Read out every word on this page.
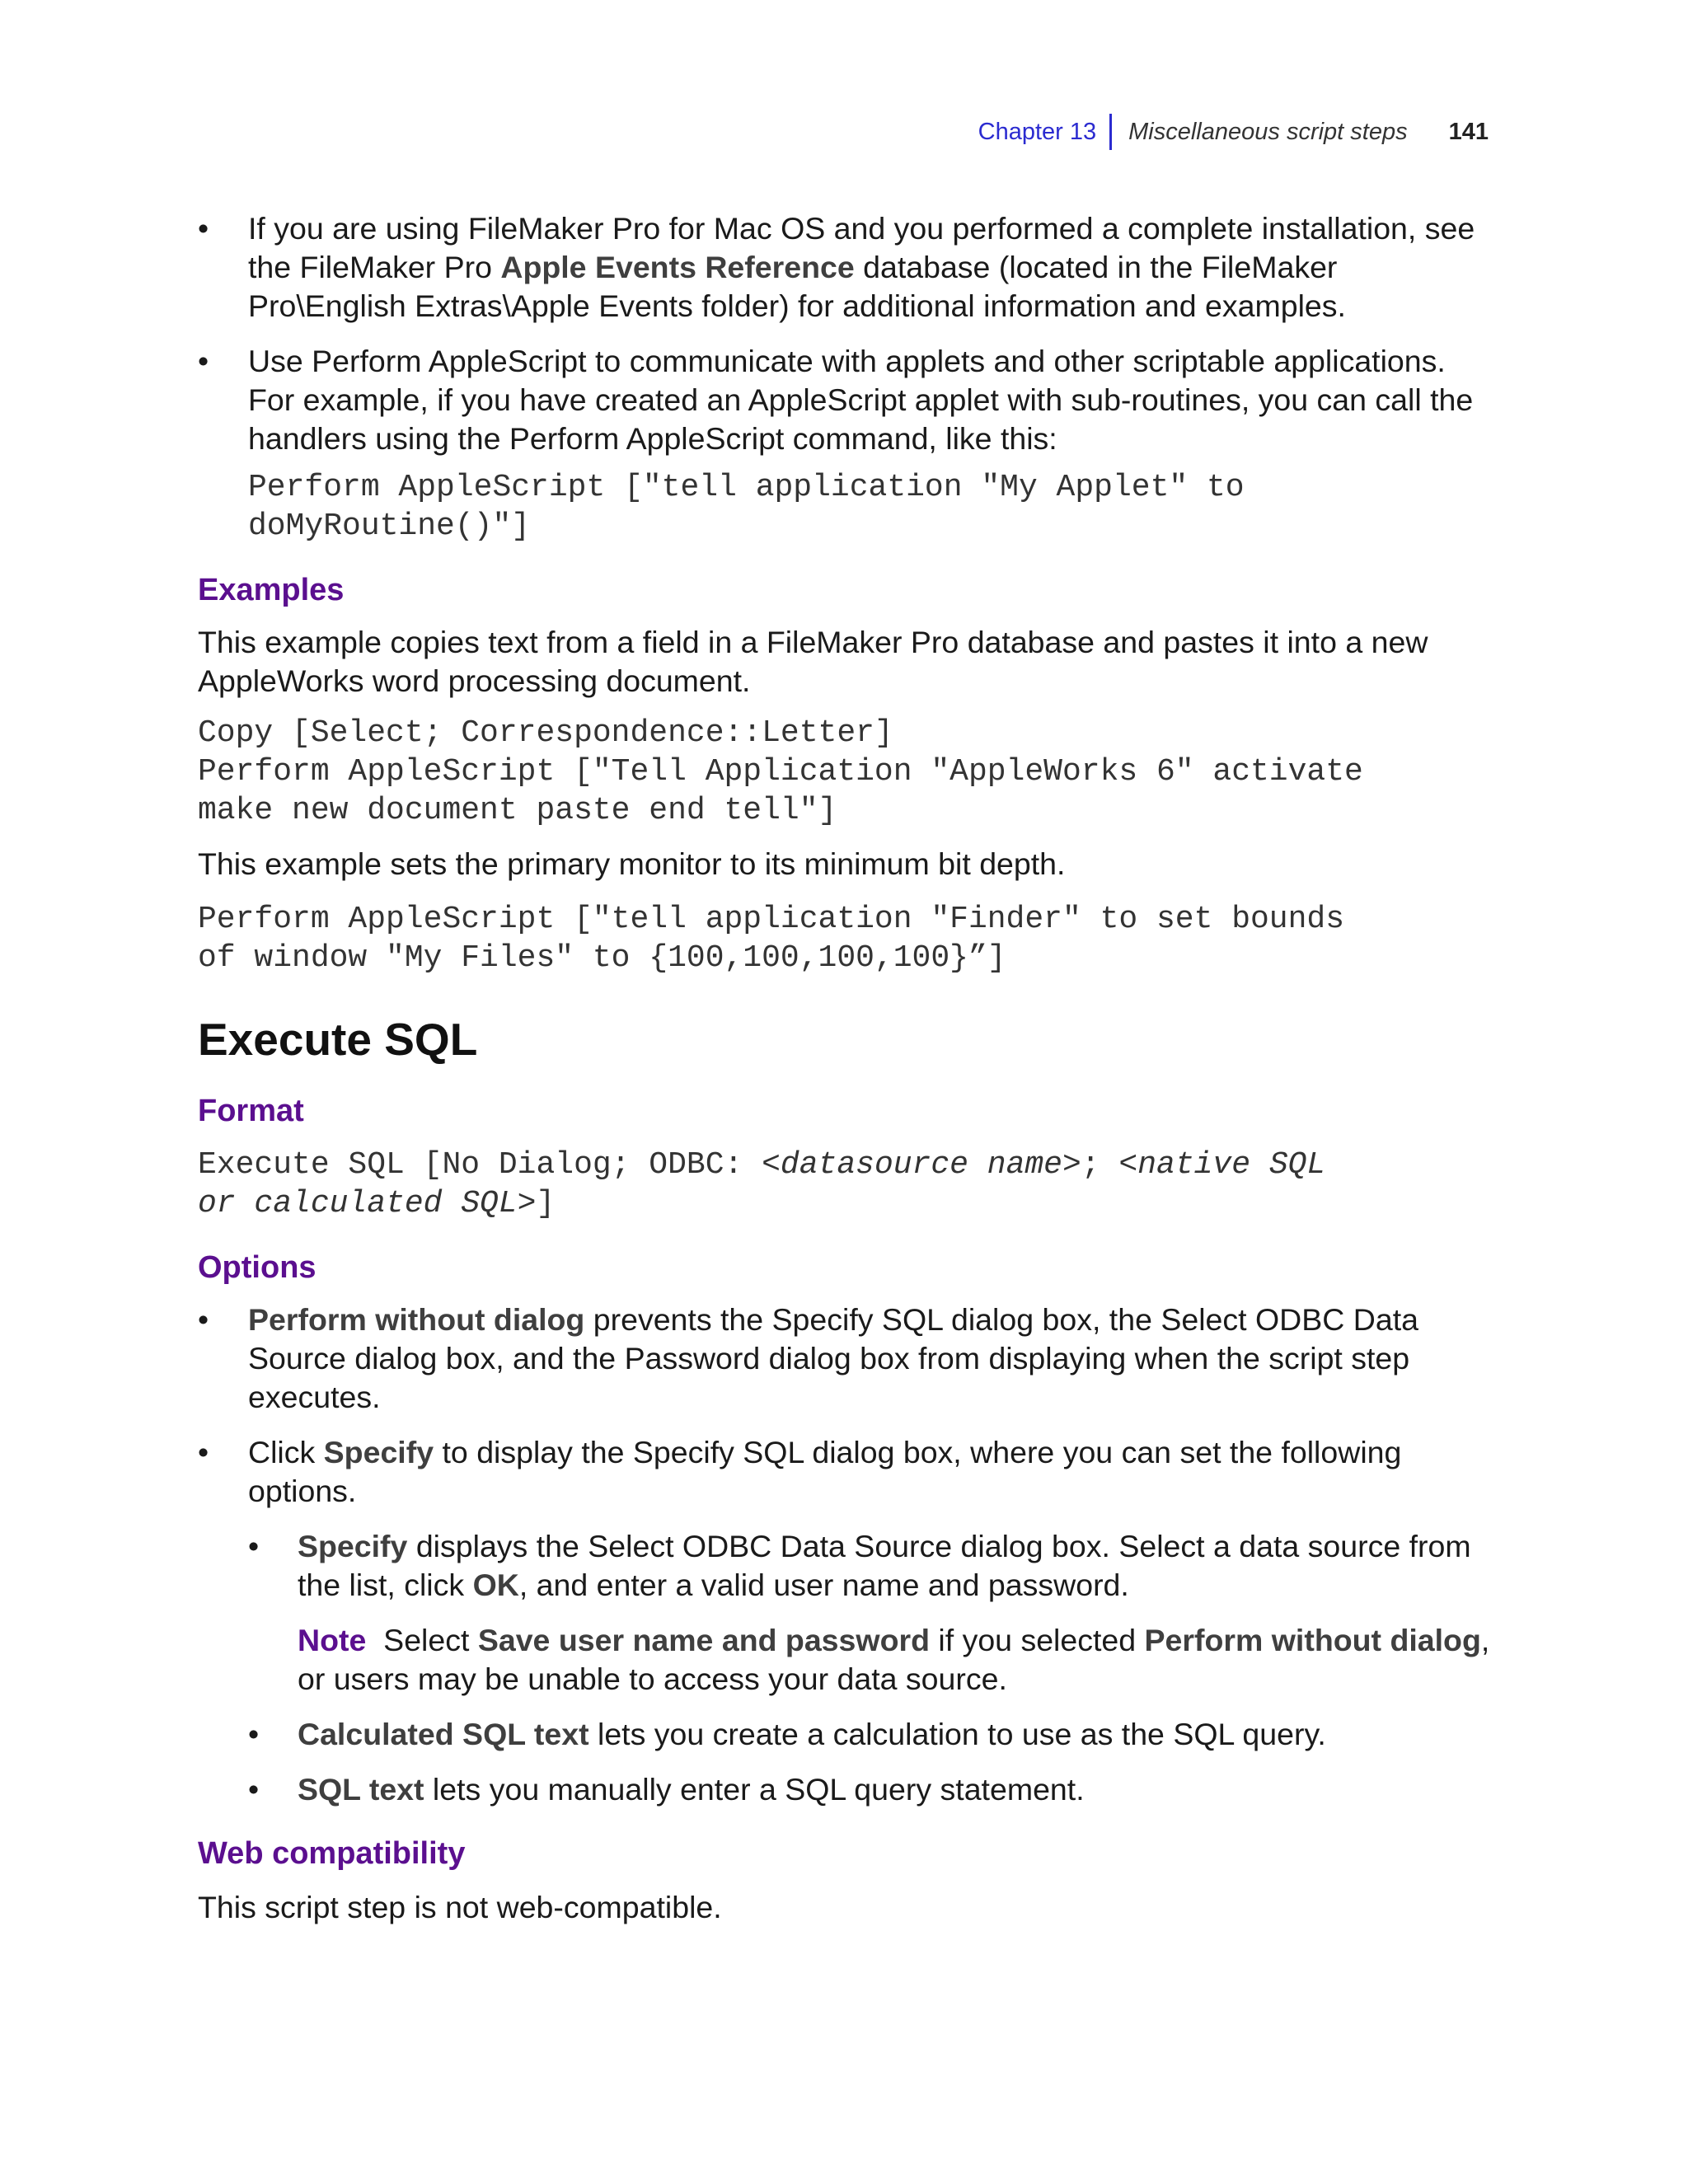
Chapter 13 Miscellaneous script steps 141
• If you are using FileMaker Pro for Mac OS and you performed a complete installation, see the FileMaker Pro Apple Events Reference database (located in the FileMaker Pro\English Extras\Apple Events folder) for additional information and examples.

• Use Perform AppleScript to communicate with applets and other scriptable applications. For example, if you have created an AppleScript applet with sub-routines, you can call the handlers using the Perform AppleScript command, like this:

Perform AppleScript ["tell application "My Applet" to

doMyRoutine()"]

Examples

This example copies text from a field in a FileMaker Pro database and pastes it into a new AppleWorks word processing document.

Copy [Select; Correspondence::Letter]

Perform AppleScript ["Tell Application "AppleWorks 6" activate

make new document paste end tell"]

This example sets the primary monitor to its minimum bit depth.

Perform AppleScript ["tell application "Finder" to set bounds

of window "My Files" to {100,100,100,100}”]

Execute SQL

Format

Execute SQL [No Dialog; ODBC: <datasource name>; <native SQL

or calculated SQL>]

Options

• Perform without dialog prevents the Specify SQL dialog box, the Select ODBC Data Source dialog box, and the Password dialog box from displaying when the script step executes.

• Click Specify to display the Specify SQL dialog box, where you can set the following options.

• Specify displays the Select ODBC Data Source dialog box. Select a data source from the list, click OK, and enter a valid user name and password.

Note  Select Save user name and password if you selected Perform without dialog, or users may be unable to access your data source.

• Calculated SQL text lets you create a calculation to use as the SQL query.

• SQL text lets you manually enter a SQL query statement.

Web compatibility

This script step is not web-compatible.
